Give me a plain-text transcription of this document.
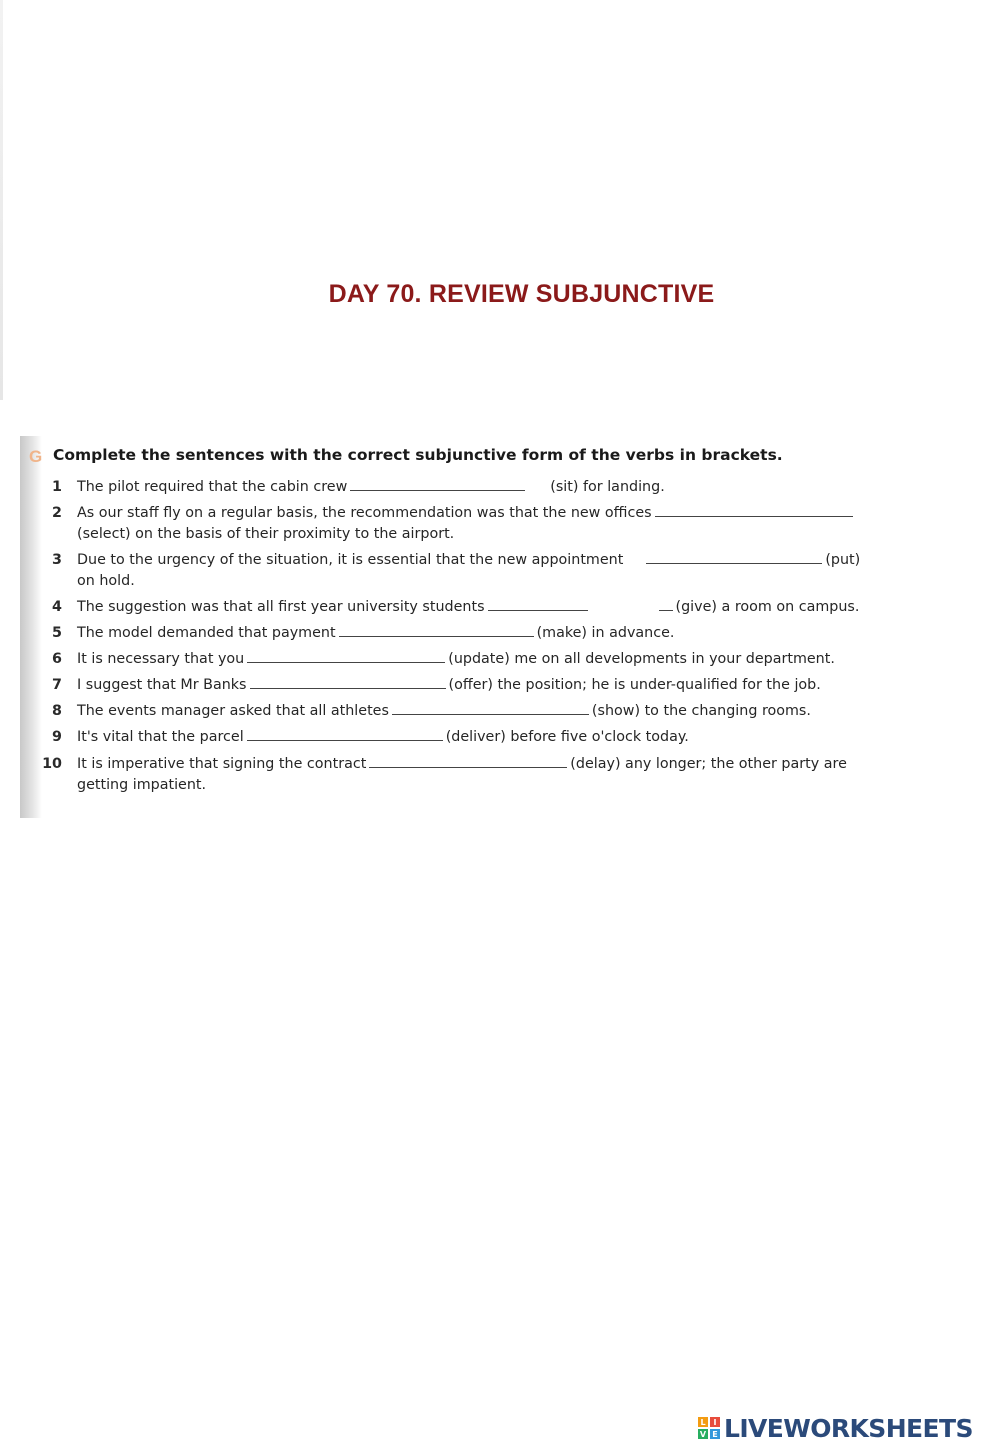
DAY 70. REVIEW SUBJUNCTIVE
G Complete the sentences with the correct subjunctive form of the verbs in brackets.
1 The pilot required that the cabin crew	(sit) for landing.
2 As our staff fly on a regular basis, the recommendation was that the new offices
(select) on the basis of their proximity to the airport.
3 Due to the urgency of the situation, it is essential that the new appointment	(put)
on hold.
4 The suggestion was that all first year university students	(give) a room on campus.
5 The model demanded that payment	(make) in advance.
6 It is necessary that you	(update) me on all developments in your department.
7 I suggest that Mr Banks	(offer) the position; he is under-qualified for the job.
8 The events manager asked that all athletes	(show) to the changing rooms.
9 It's vital that the parcel	(deliver) before five o'clock today.
10 It is imperative that signing the contract	(delay) any longer; the other party are
getting impatient.
L I
V E LIVEWORKSHEETS
